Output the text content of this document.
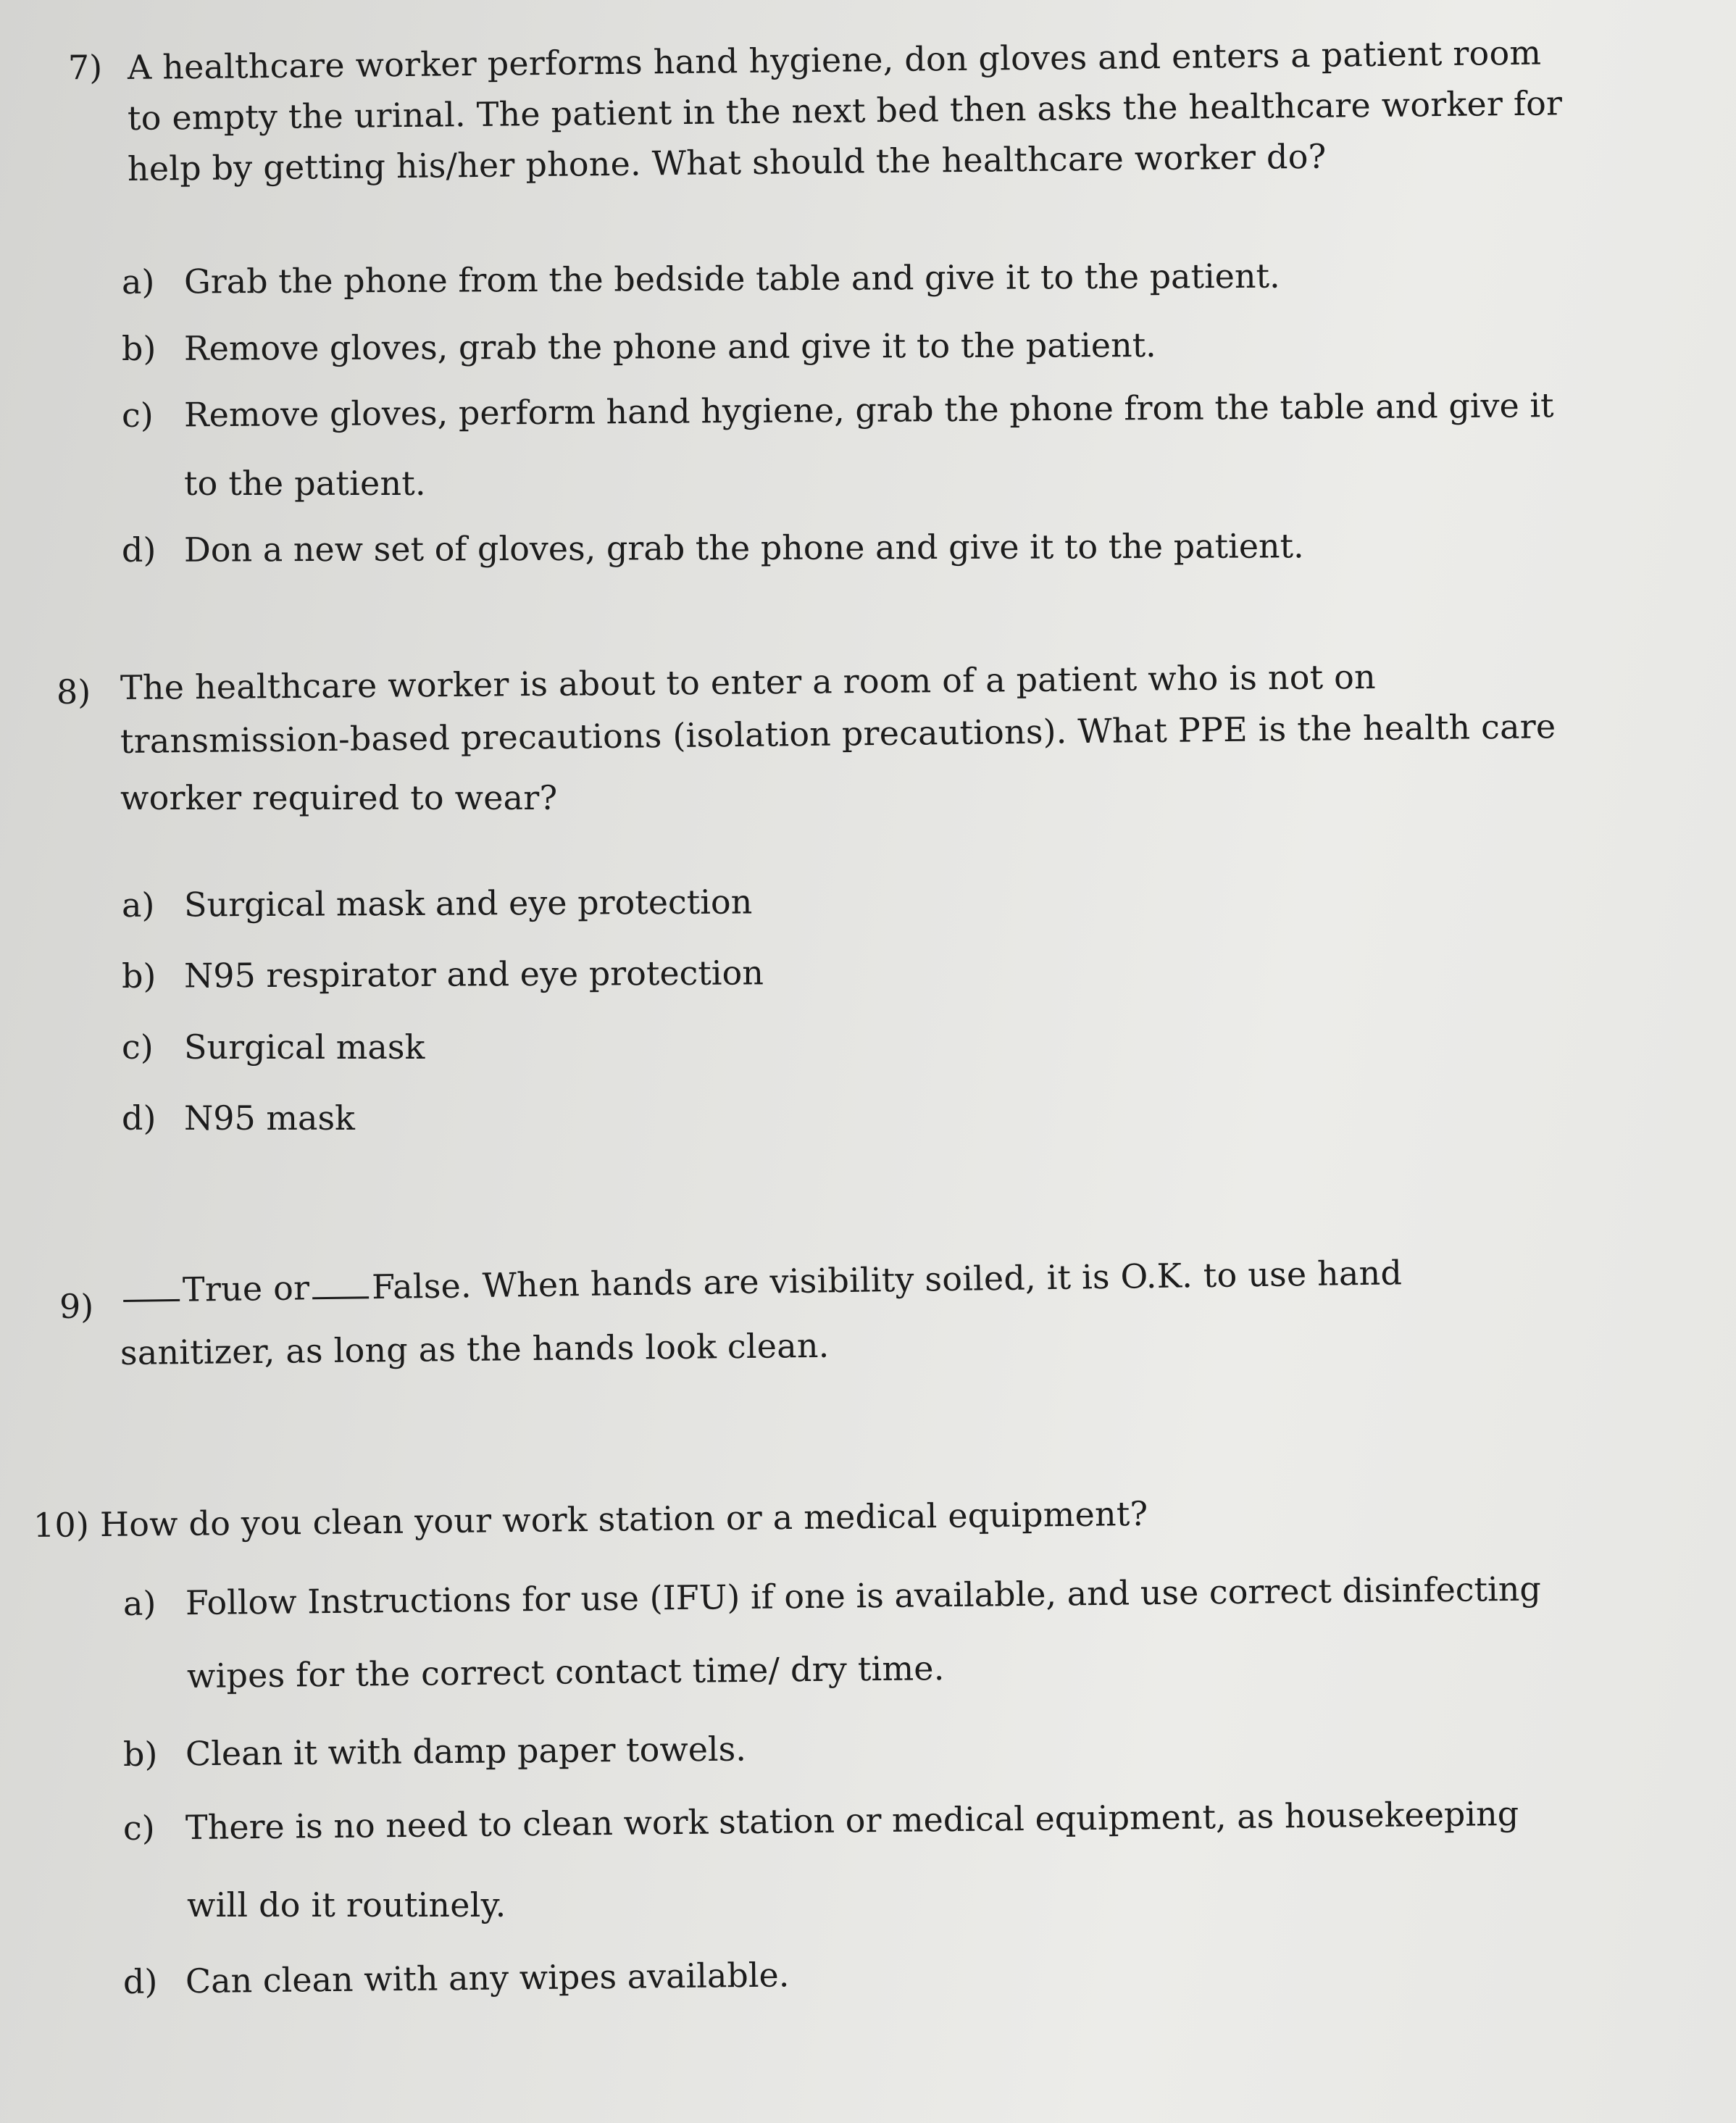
7) A healthcare worker performs hand hygiene, don gloves and enters a patient room
to empty the urinal. The patient in the next bed then asks the healthcare worker for
help by getting his/her phone. What should the healthcare worker do?
a) Grab the phone from the bedside table and give it to the patient.
b) Remove gloves, grab the phone and give it to the patient.
c) Remove gloves, perform hand hygiene, grab the phone from the table and give it
to the patient.
d) Don a new set of gloves, grab the phone and give it to the patient.
8) The healthcare worker is about to enter a room of a patient who is not on
transmission-based precautions (isolation precautions). What PPE is the health care
worker required to wear?
a) Surgical mask and eye protection
b) N95 respirator and eye protection
c) Surgical mask
d) N95 mask
9)	True or False. When hands are visibility soiled, it is O.K. to use hand
sanitizer, as long as the hands look clean.
10) How do you clean your work station or a medical equipment?
a) Follow Instructions for use (IFU) if one is available, and use correct disinfecting
wipes for the correct contact time/ dry time.
b) Clean it with damp paper towels.
c) There is no need to clean work station or medical equipment, as housekeeping
will do it routinely.
d) Can clean with any wipes available.
